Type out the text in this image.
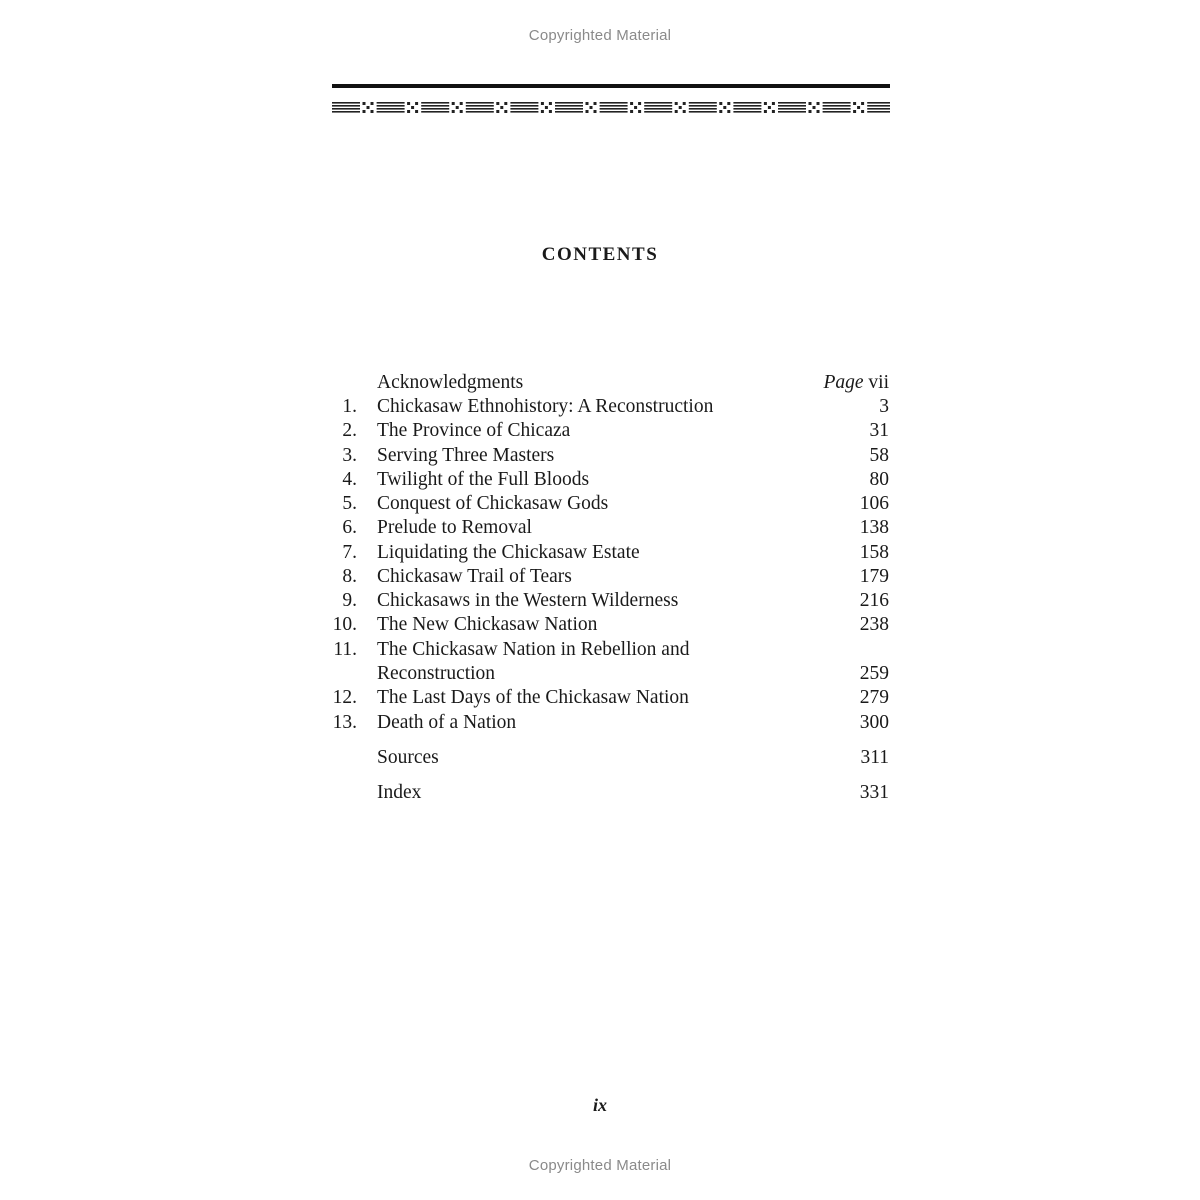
Copyrighted Material
CONTENTS
Acknowledgments	Page vii
1. Chickasaw Ethnohistory: A Reconstruction	3
2. The Province of Chicaza	31
3. Serving Three Masters	58
4. Twilight of the Full Bloods	80
5. Conquest of Chickasaw Gods	106
6. Prelude to Removal	138
7. Liquidating the Chickasaw Estate	158
8. Chickasaw Trail of Tears	179
9. Chickasaws in the Western Wilderness	216
10. The New Chickasaw Nation	238
11. The Chickasaw Nation in Rebellion and
Reconstruction	259
12. The Last Days of the Chickasaw Nation	279
13. Death of a Nation	300
Sources	311
Index	331
ix
Copyrighted Material
